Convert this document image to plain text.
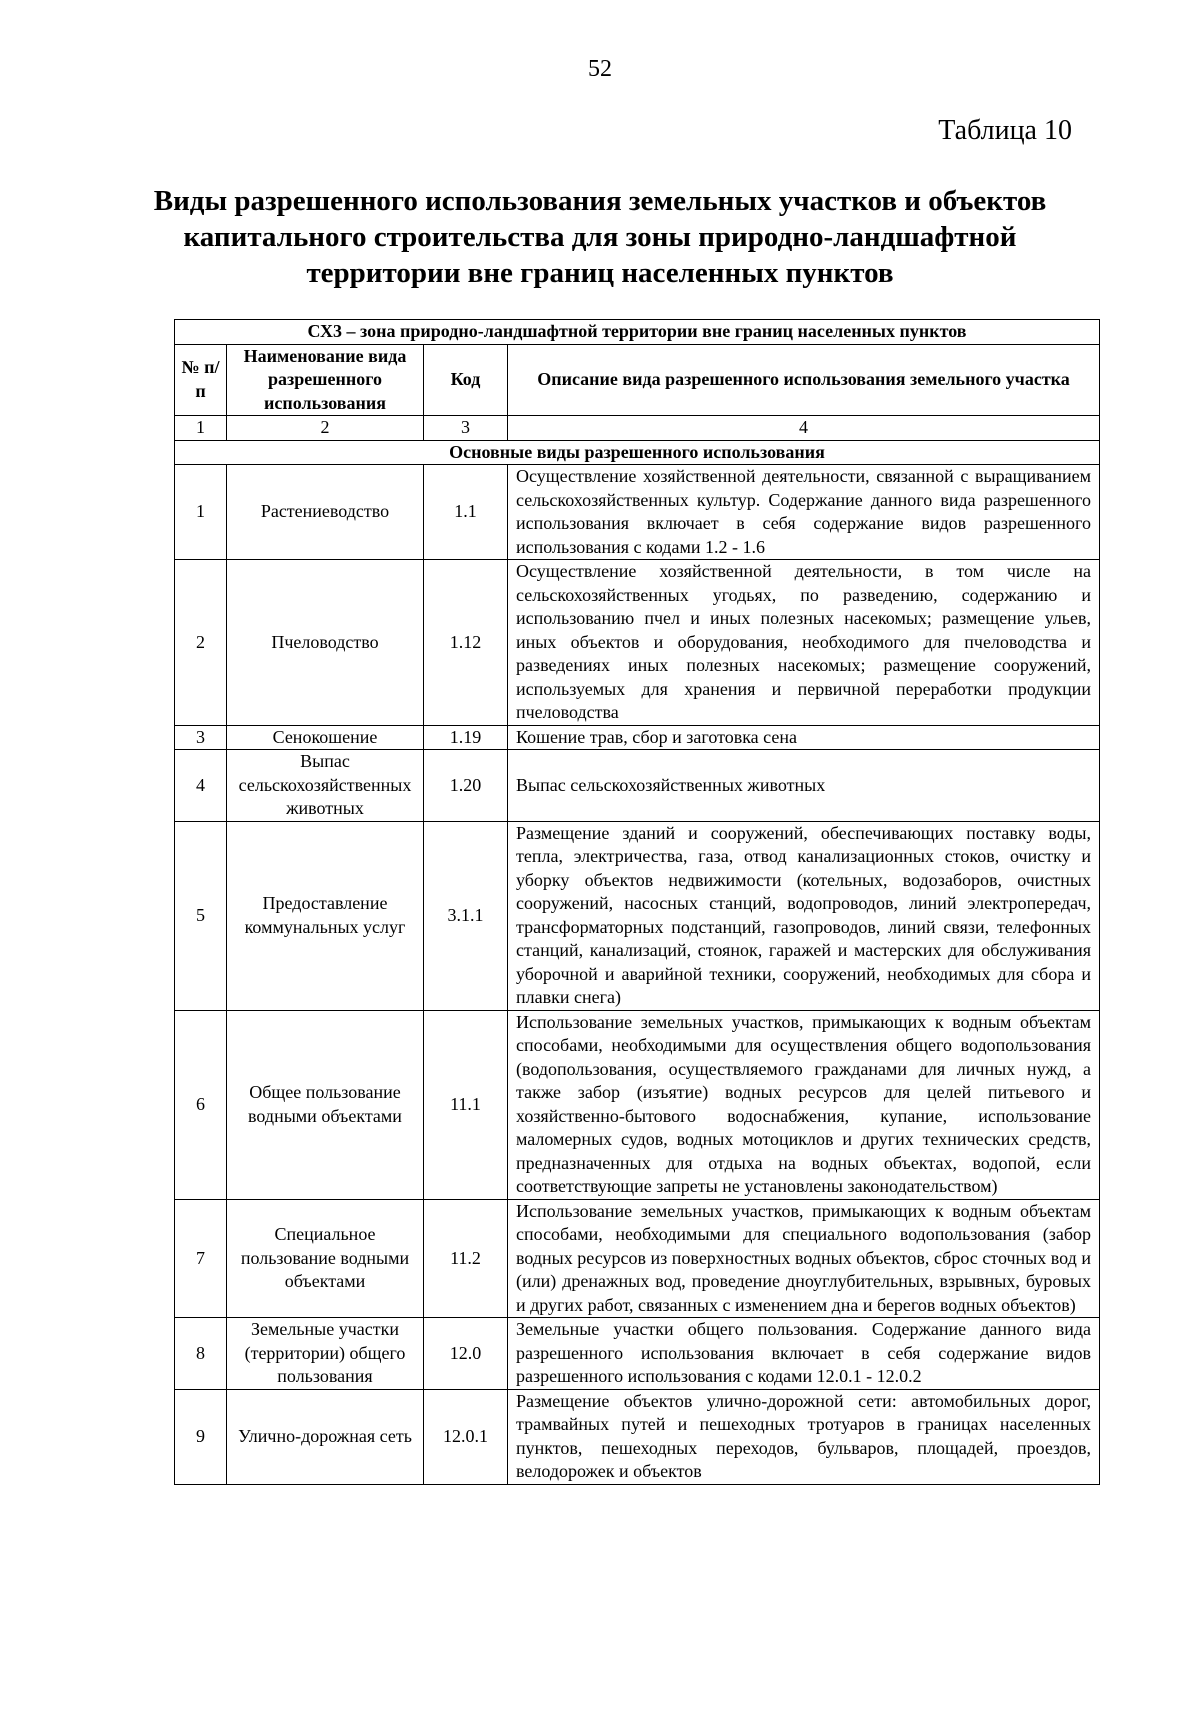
52
Таблица 10
Виды разрешенного использования земельных участков и объектов
капитального строительства для зоны природно-ландшафтной
территории вне границ населенных пунктов
СХ3 – зона природно-ландшафтной территории вне границ населенных пунктов			
№ п/п	Наименование вида разрешенного использования	Код	Описание вида разрешенного использования земельного участка
1	2	3	4
Основные виды разрешенного использования			
1	Растениеводство	1.1	Осуществление хозяйственной деятельности, связанной с выращиванием сельскохозяйственных культур. Содержание данного вида разрешенного использования включает в себя содержание видов разрешенного использования с кодами 1.2 - 1.6
2	Пчеловодство	1.12	Осуществление хозяйственной деятельности, в том числе на сельскохозяйственных угодьях, по разведению, содержанию и использованию пчел и иных полезных насекомых; размещение ульев, иных объектов и оборудования, необходимого для пчеловодства и разведениях иных полезных насекомых; размещение сооружений, используемых для хранения и первичной переработки продукции пчеловодства
3	Сенокошение	1.19	Кошение трав, сбор и заготовка сена
4	Выпас сельскохозяйственных животных	1.20	Выпас сельскохозяйственных животных
5	Предоставление коммунальных услуг	3.1.1	Размещение зданий и сооружений, обеспечивающих поставку воды, тепла, электричества, газа, отвод канализационных стоков, очистку и уборку объектов недвижимости (котельных, водозаборов, очистных сооружений, насосных станций, водопроводов, линий электропередач, трансформаторных подстанций, газопроводов, линий связи, телефонных станций, канализаций, стоянок, гаражей и мастерских для обслуживания уборочной и аварийной техники, сооружений, необходимых для сбора и плавки снега)
6	Общее пользование водными объектами	11.1	Использование земельных участков, примыкающих к водным объектам способами, необходимыми для осуществления общего водопользования (водопользования, осуществляемого гражданами для личных нужд, а также забор (изъятие) водных ресурсов для целей питьевого и хозяйственно-бытового водоснабжения, купание, использование маломерных судов, водных мотоциклов и других технических средств, предназначенных для отдыха на водных объектах, водопой, если соответствующие запреты не установлены законодательством)
7	Специальное пользование водными объектами	11.2	Использование земельных участков, примыкающих к водным объектам способами, необходимыми для специального водопользования (забор водных ресурсов из поверхностных водных объектов, сброс сточных вод и (или) дренажных вод, проведение дноуглубительных, взрывных, буровых и других работ, связанных с изменением дна и берегов водных объектов)
8	Земельные участки (территории) общего пользования	12.0	Земельные участки общего пользования. Содержание данного вида разрешенного использования включает в себя содержание видов разрешенного использования с кодами 12.0.1 - 12.0.2
9	Улично-дорожная сеть	12.0.1	Размещение объектов улично-дорожной сети: автомобильных дорог, трамвайных путей и пешеходных тротуаров в границах населенных пунктов, пешеходных переходов, бульваров, площадей, проездов, велодорожек и объектов
